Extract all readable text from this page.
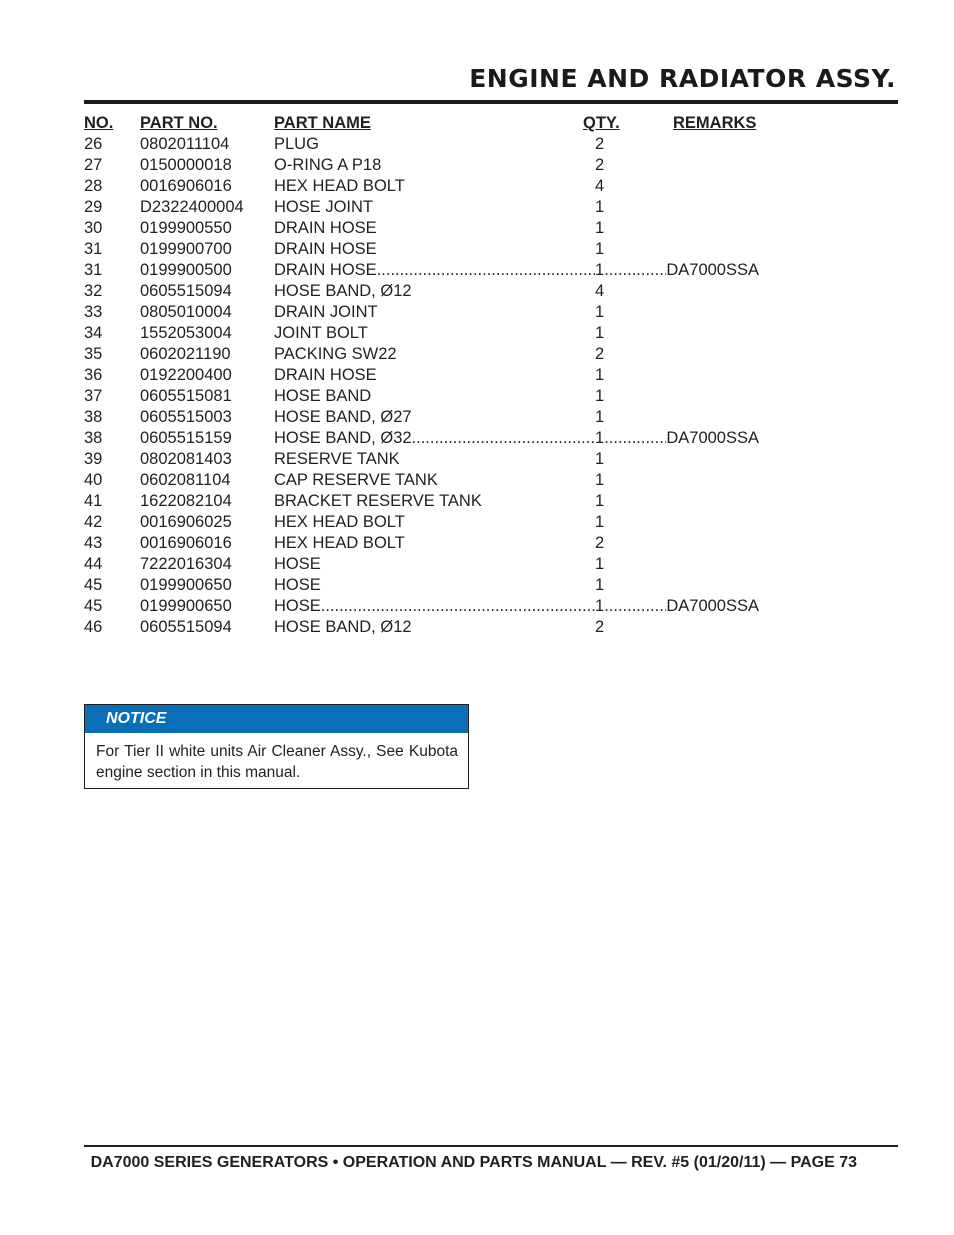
ENGINE AND RADIATOR ASSY.
NO. PART NO.	PART NAME	QTY.	REMARKS
26 0802011104	PLUG	2
27 0150000018	O-RING A P18	2
28 0016906016	HEX HEAD BOLT	4
29 D2322400004 HOSE JOINT	1
30 0199900550	DRAIN HOSE	1
31 0199900700	DRAIN HOSE	1
31 0199900500	DRAIN HOSE .....	1 .....	DA7000SSA
32 0605515094	HOSE BAND, Ø12	4
33 0805010004	DRAIN JOINT	1
34 1552053004	JOINT BOLT	1
35 0602021190	PACKING SW22	2
36 0192200400	DRAIN HOSE	1
37 0605515081	HOSE BAND	1
38 0605515003	HOSE BAND, Ø27	1
38 0605515159	HOSE BAND, Ø32 .....	1 .....	DA7000SSA
39 0802081403	RESERVE TANK	1
40 0602081104	CAP RESERVE TANK	1
41 1622082104	BRACKET RESERVE TANK	1
42 0016906025	HEX HEAD BOLT	1
43 0016906016	HEX HEAD BOLT	2
44 7222016304	HOSE	1
45 0199900650	HOSE	1
45 0199900650	HOSE .....	1 .....	DA7000SSA
46 0605515094	HOSE BAND, Ø12	2
NOTICE
For Tier II white units Air Cleaner Assy., See Kubota engine section in this manual.
DA7000 SERIES GENERATORS • OPERATION AND PARTS MANUAL — REV. #5 (01/20/11) — PAGE 73
